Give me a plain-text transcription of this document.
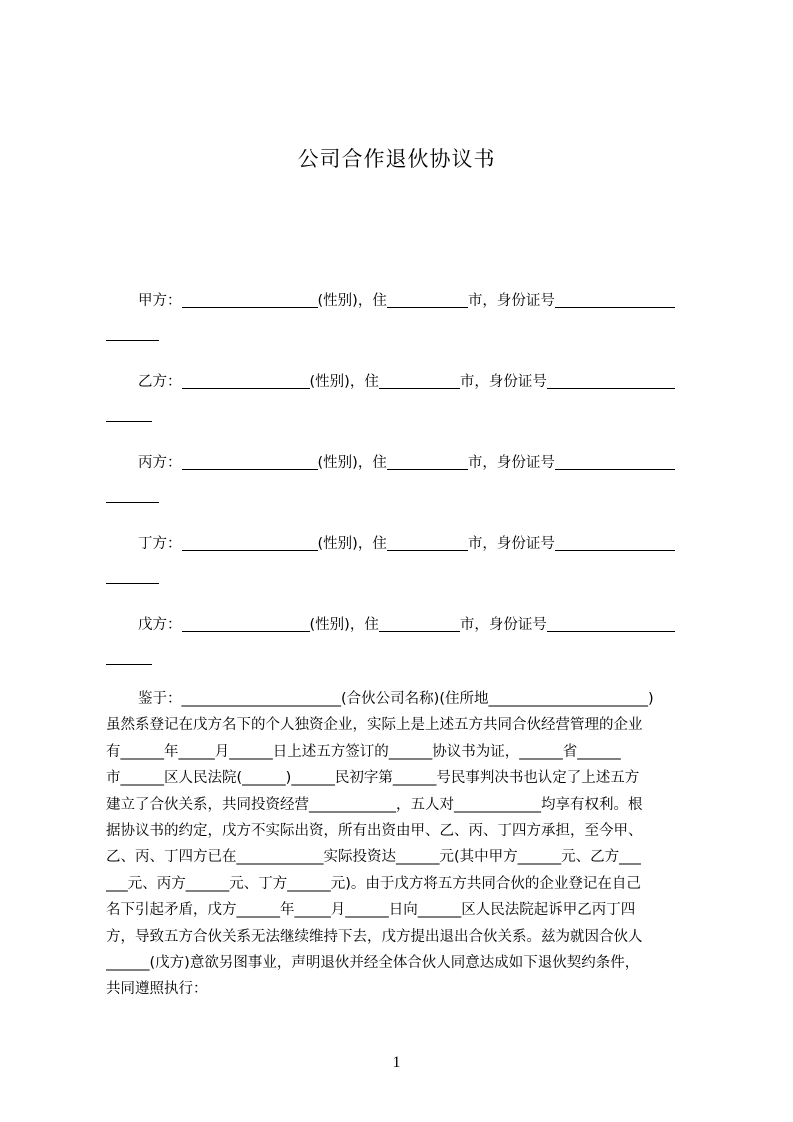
公司合作退伙协议书
甲方：	(性别)，住	市，身份证号
乙方：	(性别)，住	市，身份证号
丙方：	(性别)，住	市，身份证号
丁方：	(性别)，住	市，身份证号
戊方：	(性别)，住	市，身份证号
鉴于：______________________(合伙公司名称)(住所地______________________)
虽然系登记在戊方名下的个人独资企业，实际上是上述五方共同合伙经营管理的企业
有______年_____月______日上述五方签订的______协议书为证，______省______
市______区人民法院(______)______民初字第______号民事判决书也认定了上述五方
建立了合伙关系，共同投资经营____________，五人对____________均享有权利。根
据协议书的约定，戊方不实际出资，所有出资由甲、乙、丙、丁四方承担，至今甲、
乙、丙、丁四方已在____________实际投资达______元(其中甲方______元、乙方___
___元、丙方______元、丁方______元)。由于戊方将五方共同合伙的企业登记在自己
名下引起矛盾，戊方______年_____月______日向______区人民法院起诉甲乙丙丁四
方，导致五方合伙关系无法继续维持下去，戊方提出退出合伙关系。兹为就因合伙人
______(戊方)意欲另图事业，声明退伙并经全体合伙人同意达成如下退伙契约条件，
共同遵照执行：
1
